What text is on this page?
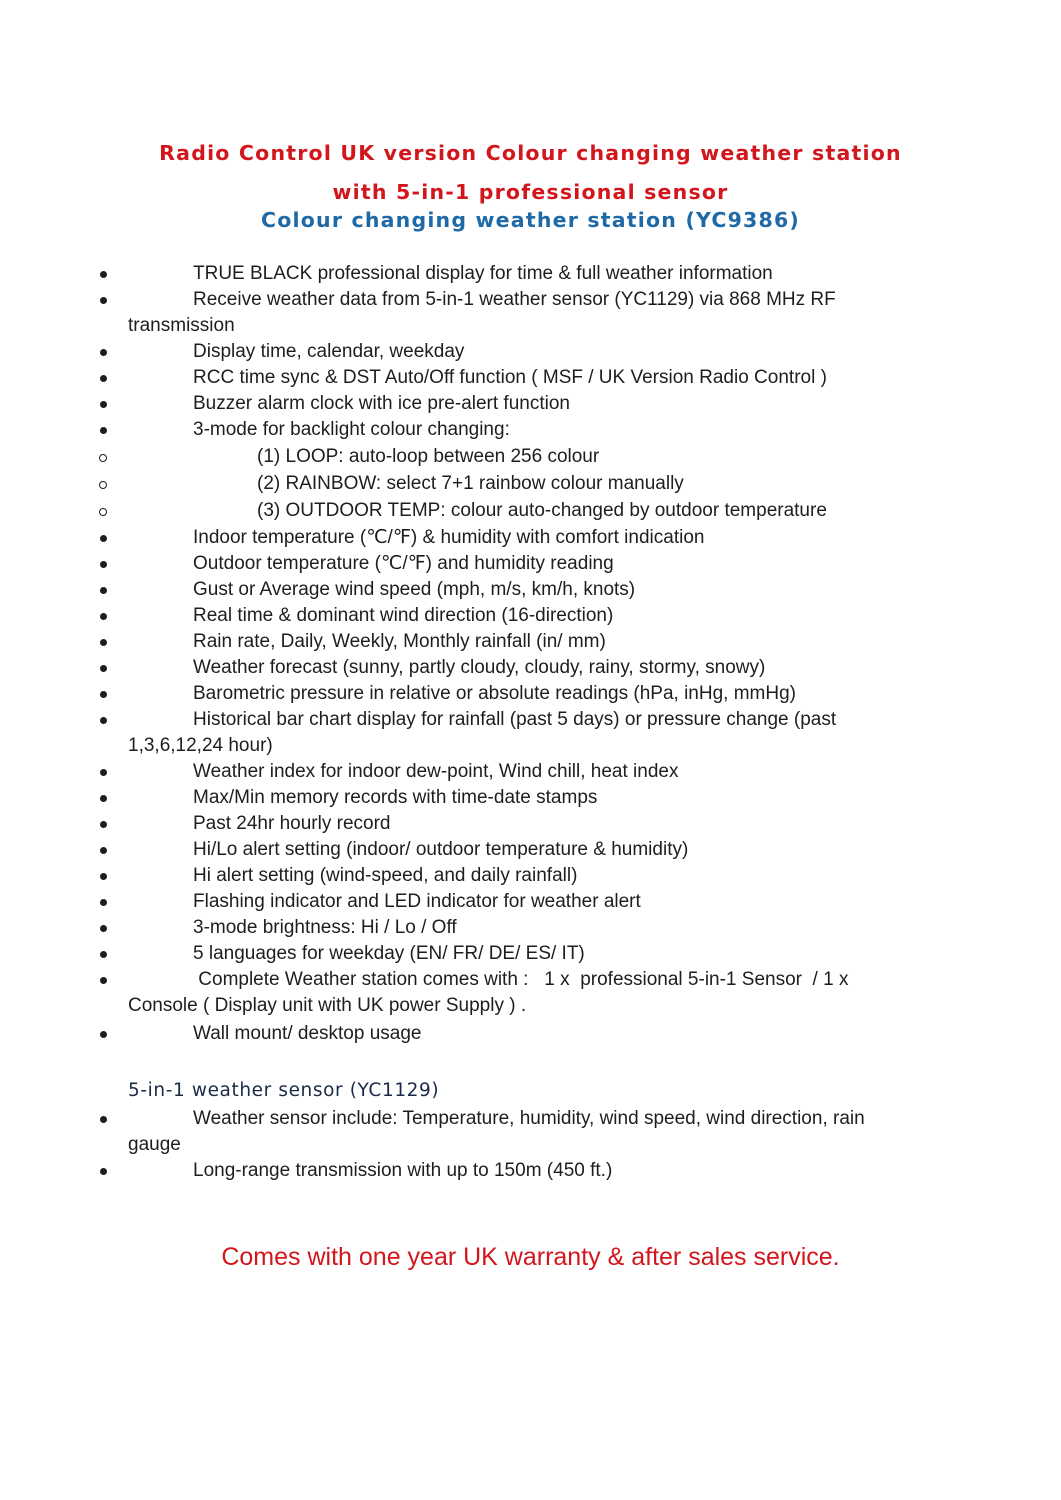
Radio Control UK version Colour changing weather station
with 5-in-1 professional sensor
Colour changing weather station (YC9386)
TRUE BLACK professional display for time & full weather information
Receive weather data from 5-in-1 weather sensor (YC1129) via 868 MHz RF
transmission
Display time, calendar, weekday
RCC time sync & DST Auto/Off function ( MSF / UK Version Radio Control )
Buzzer alarm clock with ice pre-alert function
3-mode for backlight colour changing:
(1) LOOP: auto-loop between 256 colour
(2) RAINBOW: select 7+1 rainbow colour manually
(3) OUTDOOR TEMP: colour auto-changed by outdoor temperature
Indoor temperature (℃/℉) & humidity with comfort indication
Outdoor temperature (℃/℉) and humidity reading
Gust or Average wind speed (mph, m/s, km/h, knots)
Real time & dominant wind direction (16-direction)
Rain rate, Daily, Weekly, Monthly rainfall (in/ mm)
Weather forecast (sunny, partly cloudy, cloudy, rainy, stormy, snowy)
Barometric pressure in relative or absolute readings (hPa, inHg, mmHg)
Historical bar chart display for rainfall (past 5 days) or pressure change (past
1,3,6,12,24 hour)
Weather index for indoor dew-point, Wind chill, heat index
Max/Min memory records with time-date stamps
Past 24hr hourly record
Hi/Lo alert setting (indoor/ outdoor temperature & humidity)
Hi alert setting (wind-speed, and daily rainfall)
Flashing indicator and LED indicator for weather alert
3-mode brightness: Hi / Lo / Off
5 languages for weekday (EN/ FR/ DE/ ES/ IT)
Complete Weather station comes with :   1 x  professional 5-in-1 Sensor  / 1 x
Console ( Display unit with UK power Supply ) .
Wall mount/ desktop usage
5-in-1 weather sensor (YC1129)
Weather sensor include: Temperature, humidity, wind speed, wind direction, rain
gauge
Long-range transmission with up to 150m (450 ft.)
Comes with one year UK warranty & after sales service.
